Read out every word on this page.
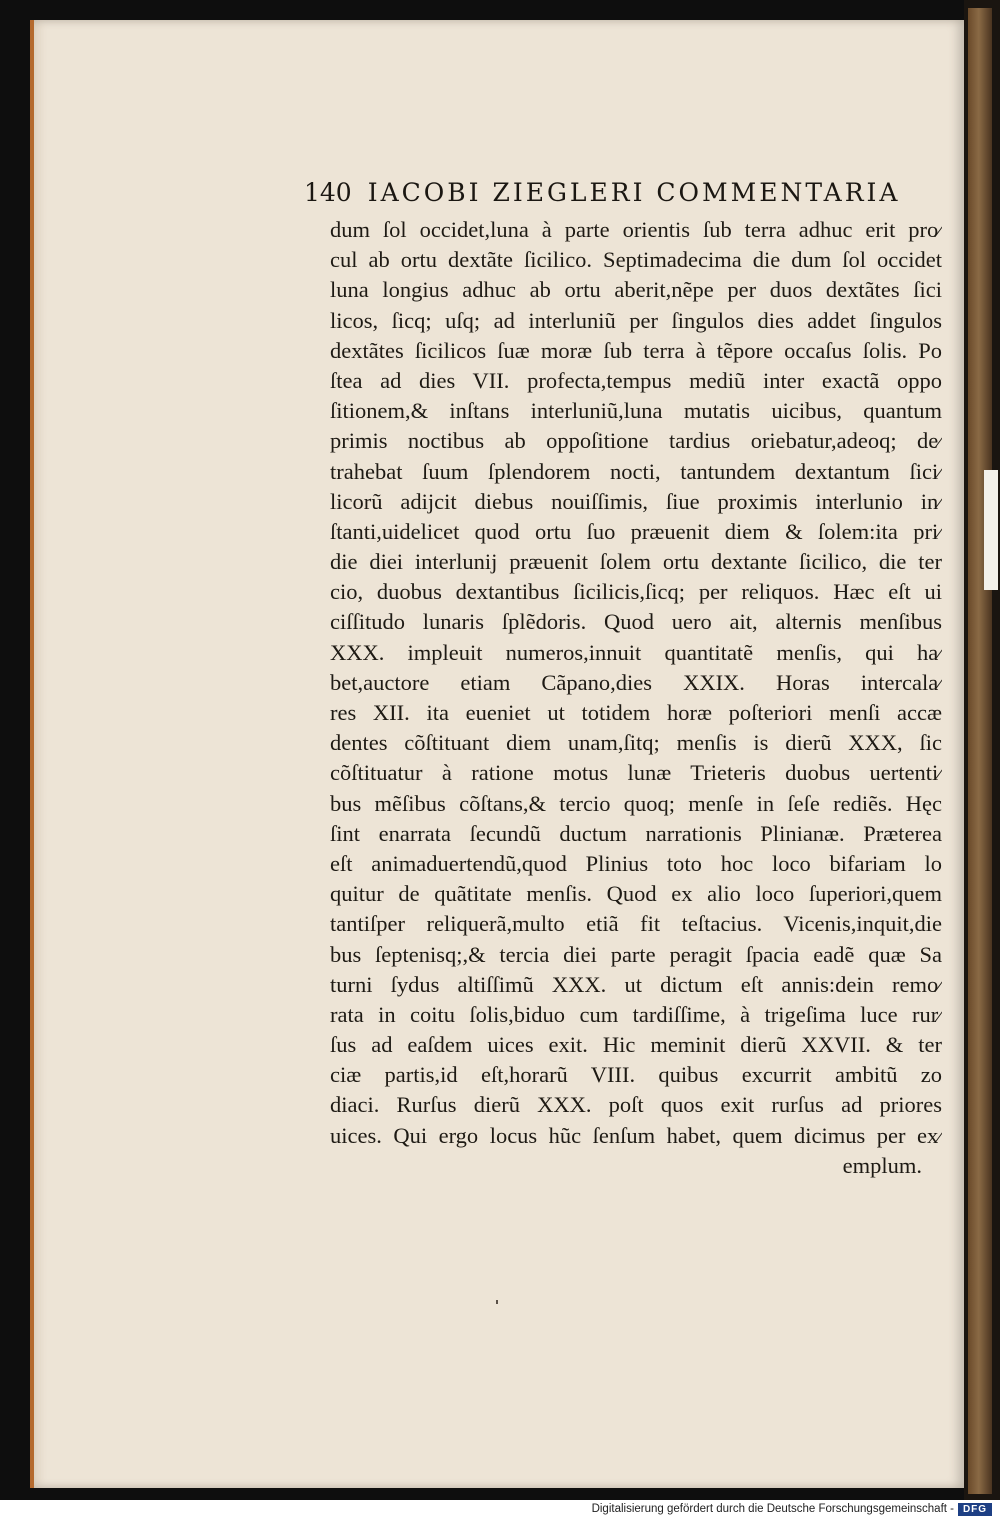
140 IACOBI ZIEGLERI COMMENTARIA
dum ſol occidet,luna à parte orientis ſub terra adhuc erit pro⁄
cul ab ortu dextãte ſicilico. Septimadecima die dum ſol occidet
luna longius adhuc ab ortu aberit,nẽpe per duos dextãtes ſici
licos, ſicq; uſq; ad interluniũ per ſingulos dies addet ſingulos
dextãtes ſicilicos ſuæ moræ ſub terra à tẽpore occaſus ſolis. Po
ſtea ad dies VII. profecta,tempus mediũ inter exactã oppo
ſitionem,& inſtans interluniũ,luna mutatis uicibus, quantum
primis noctibus ab oppoſitione tardius oriebatur,adeoq; de⁄
trahebat ſuum ſplendorem nocti, tantundem dextantum ſici⁄
licorũ adijcit diebus nouiſſimis, ſiue proximis interlunio in⁄
ſtanti,uidelicet quod ortu ſuo præuenit diem & ſolem:ita pri⁄
die diei interlunij præuenit ſolem ortu dextante ſicilico, die ter
cio, duobus dextantibus ſicilicis,ſicq; per reliquos. Hæc eſt ui
ciſſitudo lunaris ſplẽdoris. Quod uero ait, alternis menſibus
XXX. impleuit numeros,innuit quantitatẽ menſis, qui ha⁄
bet,auctore etiam Cãpano,dies XXIX. Horas intercala⁄
res XII. ita eueniet ut totidem horæ poſteriori menſi accæ
dentes cõſtituant diem unam,ſitq; menſis is dierũ XXX, ſic
cõſtituatur à ratione motus lunæ Trieteris duobus uertenti⁄
bus mẽſibus cõſtans,& tercio quoq; menſe in ſeſe rediẽs. Hęc
ſint enarrata ſecundũ ductum narrationis Plinianæ. Præterea
eſt animaduertendũ,quod Plinius toto hoc loco bifariam lo
quitur de quãtitate menſis. Quod ex alio loco ſuperiori,quem
tantiſper reliquerã,multo etiã fit teſtacius. Vicenis,inquit,die
bus ſeptenisq;,& tercia diei parte peragit ſpacia eadẽ quæ Sa
turni ſydus altiſſimũ XXX. ut dictum eſt annis:dein remo⁄
rata in coitu ſolis,biduo cum tardiſſime, à trigeſima luce rur⁄
ſus ad eaſdem uices exit. Hic meminit dierũ XXVII. & ter
ciæ partis,id eſt,horarũ VIII. quibus excurrit ambitũ zo
diaci. Rurſus dierũ XXX. poſt quos exit rurſus ad priores
uices. Qui ergo locus hũc ſenſum habet, quem dicimus per ex⁄
emplum.
Digitalisierung gefördert durch die Deutsche Forschungsgemeinschaft - DFG
